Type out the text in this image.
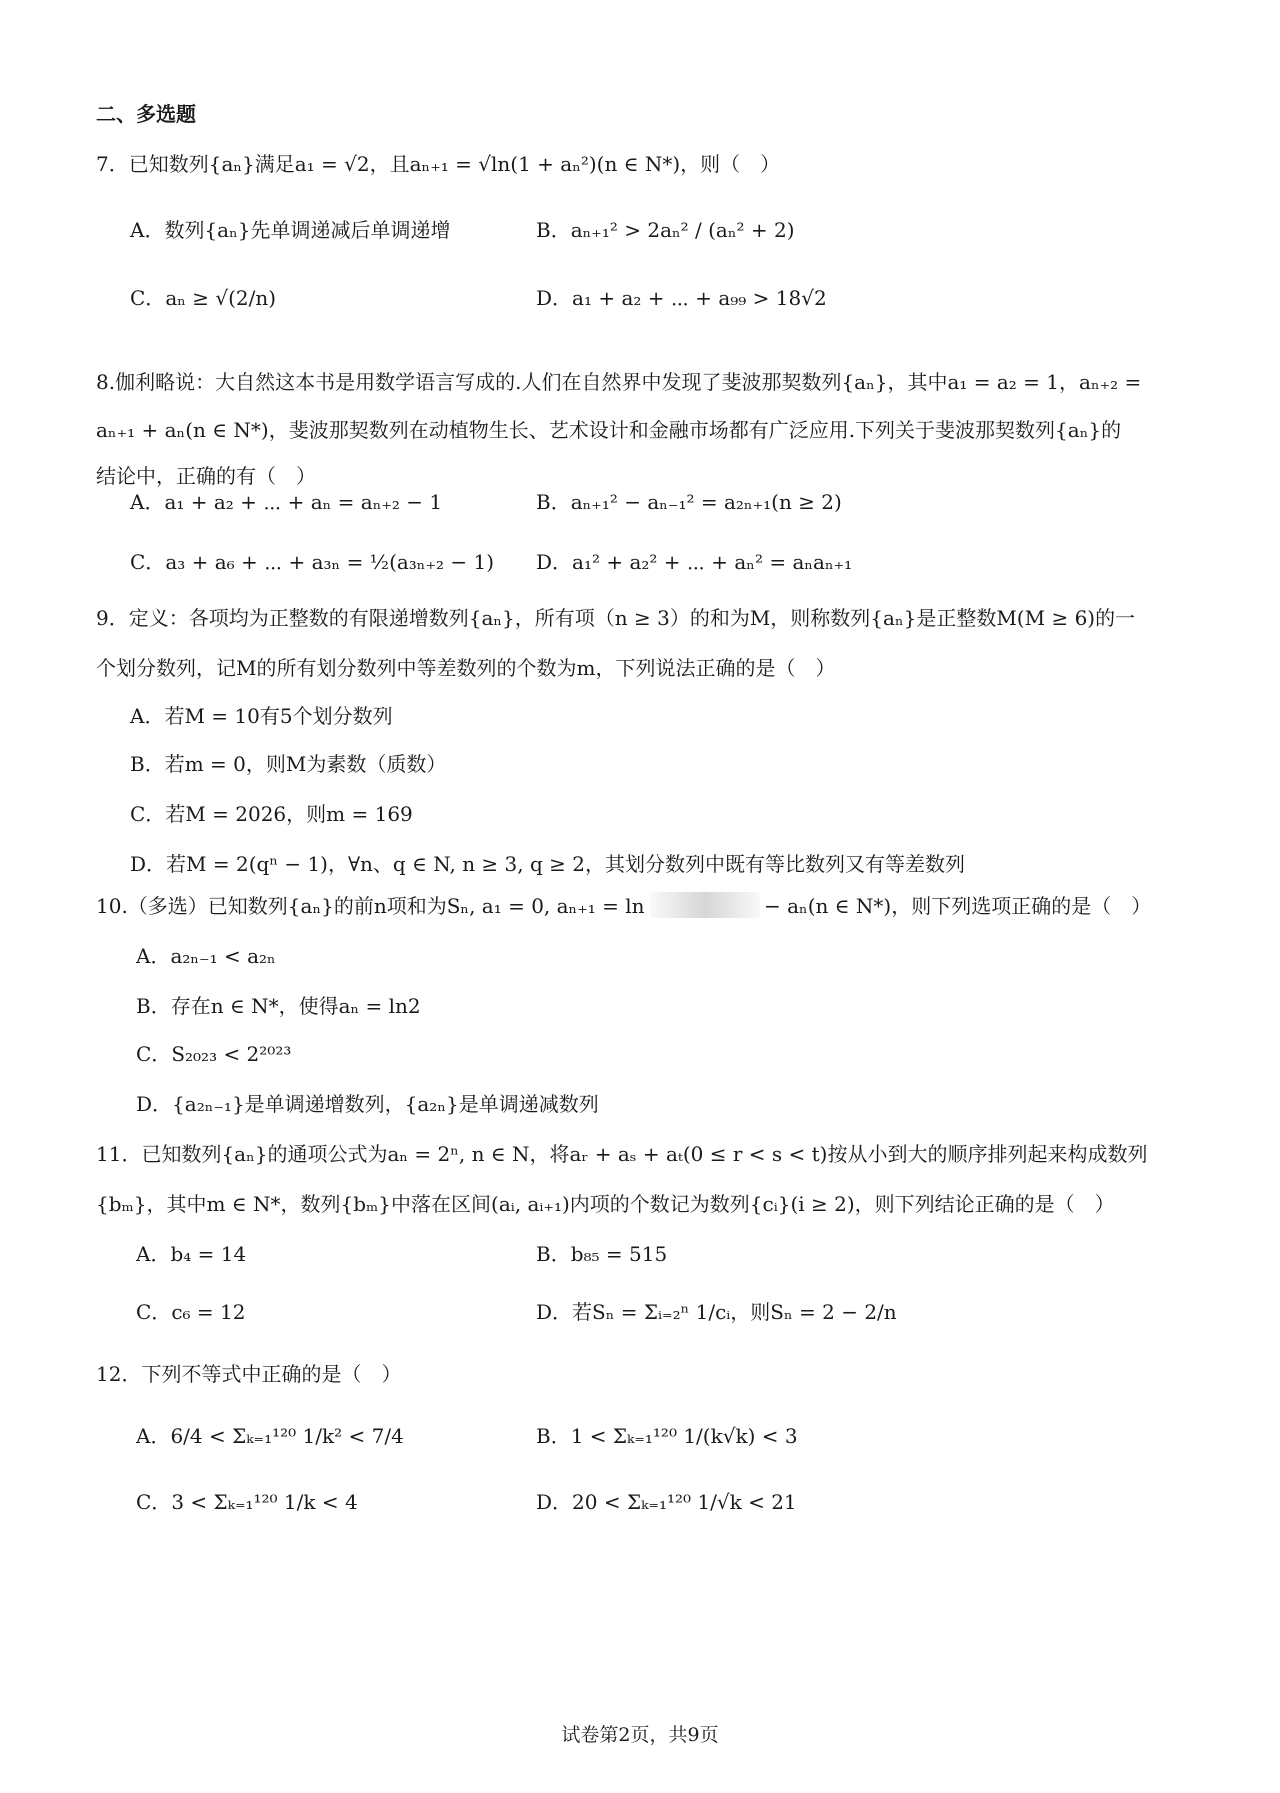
二、多选题
7．已知数列{aₙ}满足a₁ = √2，且aₙ₊₁ = √ln(1 + aₙ²)(n ∈ N*)，则（　）
A．数列{aₙ}先单调递减后单调递增	B．aₙ₊₁² > 2aₙ² / (aₙ² + 2)
C．aₙ ≥ √(2/n)	D．a₁ + a₂ + ⋯ + a₉₉ > 18√2
8.伽利略说：大自然这本书是用数学语言写成的.人们在自然界中发现了斐波那契数列{aₙ}，其中a₁ = a₂ = 1，aₙ₊₂ =
aₙ₊₁ + aₙ(n ∈ N*)，斐波那契数列在动植物生长、艺术设计和金融市场都有广泛应用.下列关于斐波那契数列{aₙ}的
结论中，正确的有（　）
A．a₁ + a₂ + ⋯ + aₙ = aₙ₊₂ − 1	B．aₙ₊₁² − aₙ₋₁² = a₂ₙ₊₁(n ≥ 2)
C．a₃ + a₆ + ⋯ + a₃ₙ = ½(a₃ₙ₊₂ − 1) D．a₁² + a₂² + ⋯ + aₙ² = aₙaₙ₊₁
9．定义：各项均为正整数的有限递增数列{aₙ}，所有项（n ≥ 3）的和为M，则称数列{aₙ}是正整数M(M ≥ 6)的一
个划分数列，记M的所有划分数列中等差数列的个数为m，下列说法正确的是（　）
A．若M = 10有5个划分数列
B．若m = 0，则M为素数（质数）
C．若M = 2026，则m = 169
D．若M = 2(qⁿ − 1)，∀n、q ∈ N, n ≥ 3, q ≥ 2，其划分数列中既有等比数列又有等差数列
10.（多选）已知数列{aₙ}的前n项和为Sₙ, a₁ = 0, aₙ₊₁ = ln	− aₙ(n ∈ N*)，则下列选项正确的是（　）
A．a₂ₙ₋₁ < a₂ₙ
B．存在n ∈ N*，使得aₙ = ln2
C．S₂₀₂₃ < 2²⁰²³
D．{a₂ₙ₋₁}是单调递增数列，{a₂ₙ}是单调递减数列
11．已知数列{aₙ}的通项公式为aₙ = 2ⁿ, n ∈ N，将aᵣ + aₛ + aₜ(0 ≤ r < s < t)按从小到大的顺序排列起来构成数列
{bₘ}，其中m ∈ N*，数列{bₘ}中落在区间(aᵢ, aᵢ₊₁)内项的个数记为数列{cᵢ}(i ≥ 2)，则下列结论正确的是（　）
A．b₄ = 14	B．b₈₅ = 515
C．c₆ = 12	D．若Sₙ = Σᵢ₌₂ⁿ 1/cᵢ，则Sₙ = 2 − 2/n
12．下列不等式中正确的是（　）
A．6/4 < Σₖ₌₁¹²⁰ 1/k² < 7/4	B．1 < Σₖ₌₁¹²⁰ 1/(k√k) < 3
C．3 < Σₖ₌₁¹²⁰ 1/k < 4	D．20 < Σₖ₌₁¹²⁰ 1/√k < 21
试卷第2页，共9页
